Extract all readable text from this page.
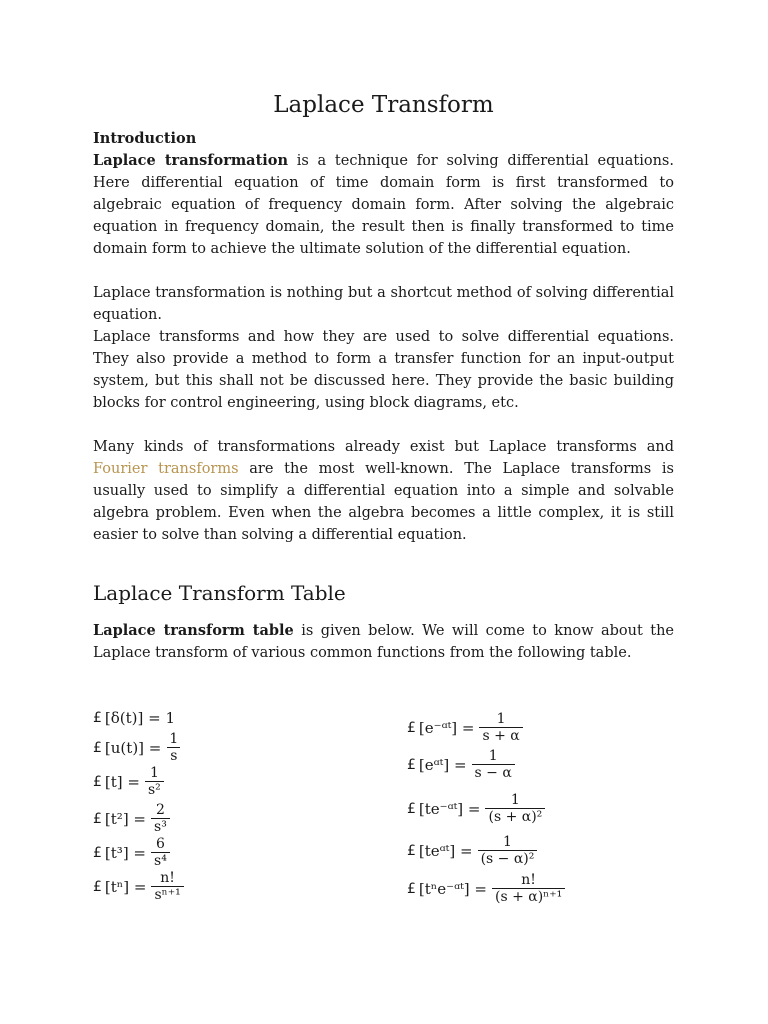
Laplace Transform
Introduction

Laplace transformation is a technique for solving differential equations. Here differential equation of time domain form is first transformed to algebraic equation of frequency domain form. After solving the algebraic equation in frequency domain, the result then is finally transformed to time domain form to achieve the ultimate solution of the differential equation.

Laplace transformation is nothing but a shortcut method of solving differential equation.

Laplace transforms and how they are used to solve differential equations. They also provide a method to form a transfer function for an input-output system, but this shall not be discussed here. They provide the basic building blocks for control engineering, using block diagrams, etc.

Many kinds of transformations already exist but Laplace transforms and Fourier transforms are the most well-known. The Laplace transforms is usually used to simplify a differential equation into a simple and solvable algebra problem. Even when the algebra becomes a little complex, it is still easier to solve than solving a differential equation.

Laplace Transform Table

Laplace transform table is given below. We will come to know about the Laplace transform of various common functions from the following table.

£ [δ(t)] = 1
£ $[u(t)] = \frac{1}{s}$
£ $[t] = \frac{1}{\text{s²}}$
£ $[t^2] = \frac{2}{\text{s³}}$
£ $[t^3] = \frac{6}{\text{s⁴}}$
£ $[t^n] = \frac{n!}{\text{sⁿ⁺¹}}$
£ [e⁻ᵅᵗ] = $\frac{1}{s + \alpha}$
£ [eᵅᵗ] = $\frac{1}{s - \alpha}$
£ [te⁻ᵅᵗ] = $\frac{1}{\text{(s + α)²}}$
£ [teᵅᵗ] = $\frac{1}{\text{(s − α)²}}$
£ [tⁿe⁻ᵅᵗ] = $\frac{n!}{\text{(s + α)ⁿ⁺¹}}$
